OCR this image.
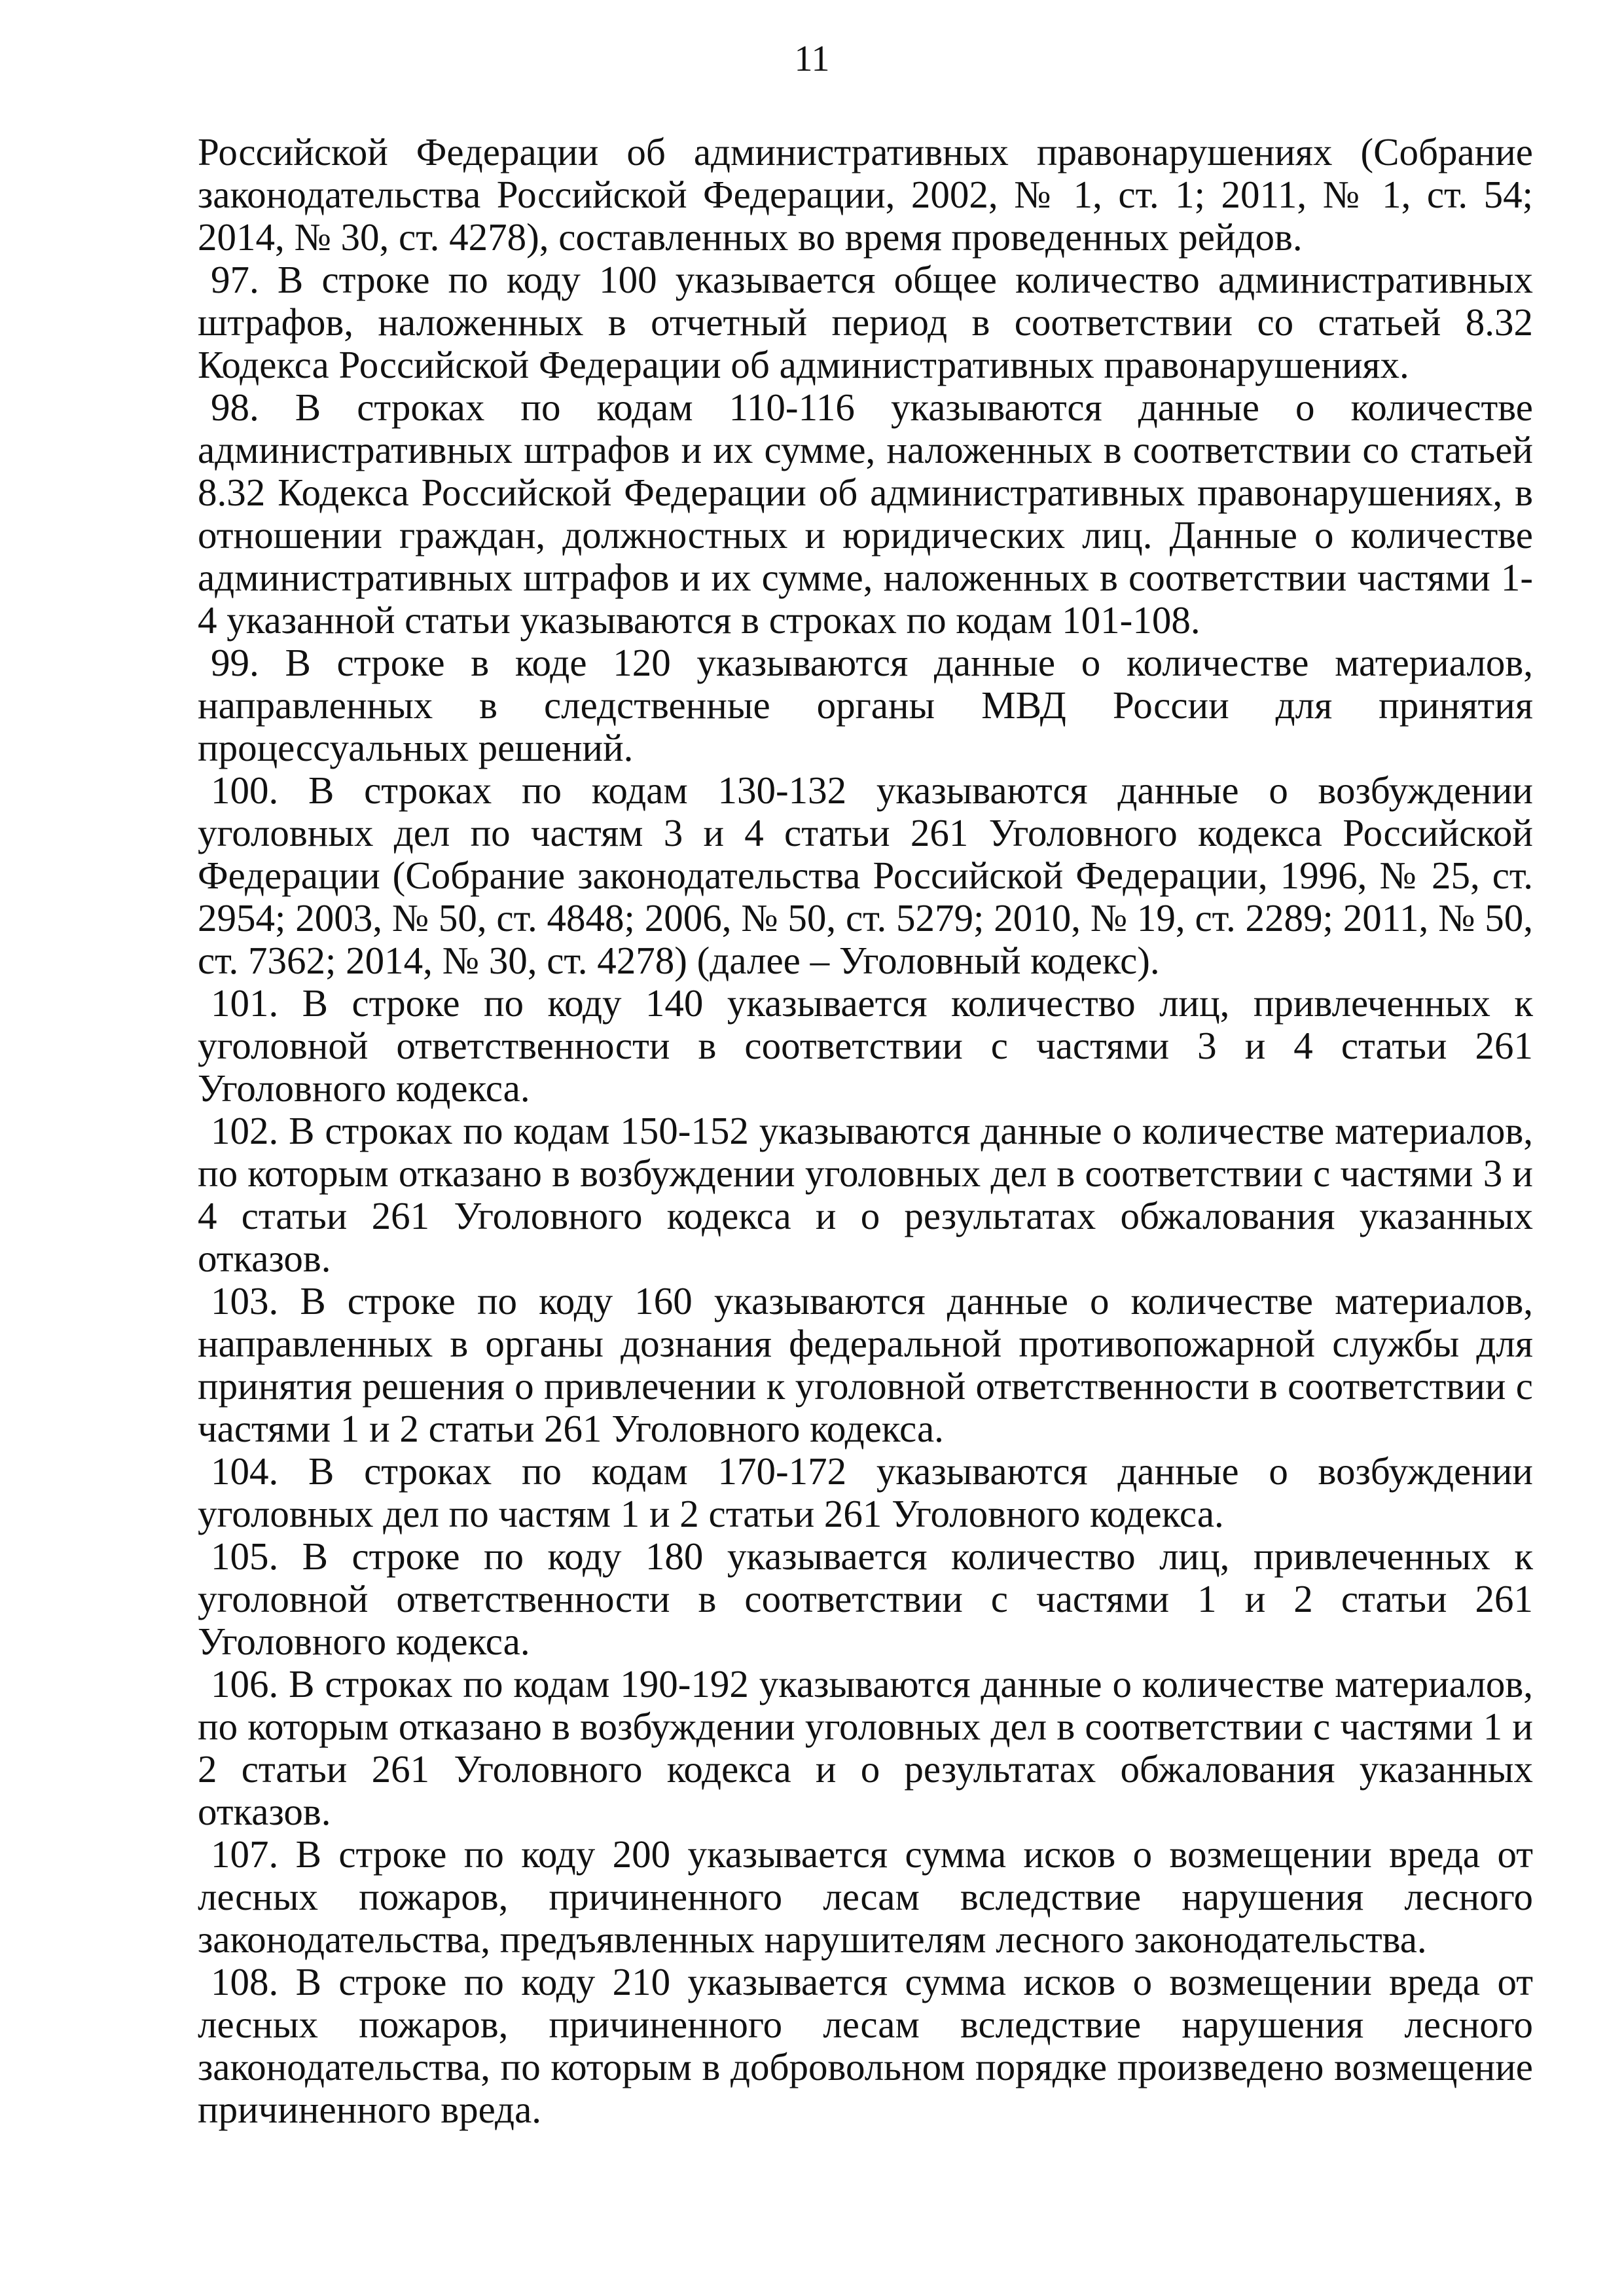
11

Российской Федерации об административных правонарушениях (Собрание законодательства Российской Федерации, 2002, № 1, ст. 1; 2011, № 1, ст. 54; 2014, № 30, ст. 4278), составленных во время проведенных рейдов.

97. В строке по коду 100 указывается общее количество административных штрафов, наложенных в отчетный период в соответствии со статьей 8.32 Кодекса Российской Федерации об административных правонарушениях.

98. В строках по кодам 110-116 указываются данные о количестве административных штрафов и их сумме, наложенных в соответствии со статьей 8.32 Кодекса Российской Федерации об административных правонарушениях, в отношении граждан, должностных и юридических лиц. Данные о количестве административных штрафов и их сумме, наложенных в соответствии частями 1-4 указанной статьи указываются в строках по кодам 101-108.

99. В строке в коде 120 указываются данные о количестве материалов, направленных в следственные органы МВД России для принятия процессуальных решений.

100. В строках по кодам 130-132 указываются данные о возбуждении уголовных дел по частям 3 и 4 статьи 261 Уголовного кодекса Российской Федерации (Собрание законодательства Российской Федерации, 1996, № 25, ст. 2954; 2003, № 50, ст. 4848; 2006, № 50, ст. 5279; 2010, № 19, ст. 2289; 2011, № 50, ст. 7362; 2014, № 30, ст. 4278) (далее – Уголовный кодекс).

101. В строке по коду 140 указывается количество лиц, привлеченных к уголовной ответственности в соответствии с частями 3 и 4 статьи 261 Уголовного кодекса.

102. В строках по кодам 150-152 указываются данные о количестве материалов, по которым отказано в возбуждении уголовных дел в соответствии с частями 3 и 4 статьи 261 Уголовного кодекса и о результатах обжалования указанных отказов.

103. В строке по коду 160 указываются данные о количестве материалов, направленных в органы дознания федеральной противопожарной службы для принятия решения о привлечении к уголовной ответственности в соответствии с частями 1 и 2 статьи 261 Уголовного кодекса.

104. В строках по кодам 170-172 указываются данные о возбуждении уголовных дел по частям 1 и 2 статьи 261 Уголовного кодекса.

105. В строке по коду 180 указывается количество лиц, привлеченных к уголовной ответственности в соответствии с частями 1 и 2 статьи 261 Уголовного кодекса.

106. В строках по кодам 190-192 указываются данные о количестве материалов, по которым отказано в возбуждении уголовных дел в соответствии с частями 1 и 2 статьи 261 Уголовного кодекса и о результатах обжалования указанных отказов.

107. В строке по коду 200 указывается сумма исков о возмещении вреда от лесных пожаров, причиненного лесам вследствие нарушения лесного законодательства, предъявленных нарушителям лесного законодательства.

108. В строке по коду 210 указывается сумма исков о возмещении вреда от лесных пожаров, причиненного лесам вследствие нарушения лесного законодательства, по которым в добровольном порядке произведено возмещение причиненного вреда.
